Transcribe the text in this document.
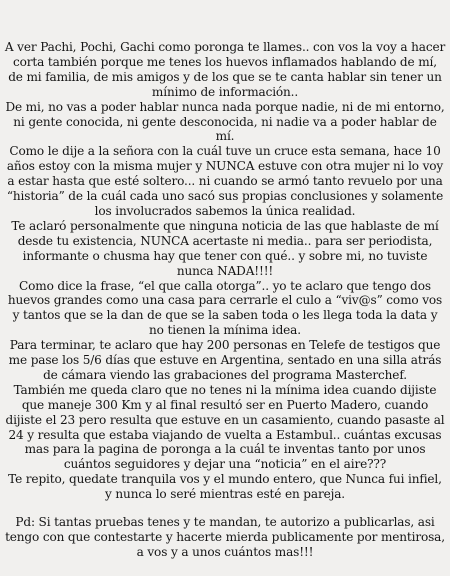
A ver Pachi, Pochi, Gachi como poronga te llames.. con vos la voy a hacer corta también porque me tenes los huevos inflamados hablando de mí, de mi familia, de mis amigos y de los que se te canta hablar sin tener un mínimo de información..

De mi, no vas a poder hablar nunca nada porque nadie, ni de mi entorno, ni gente conocida, ni gente desconocida, ni nadie va a poder hablar de mí.

Como le dije a la señora con la cuál tuve un cruce esta semana, hace 10 años estoy con la misma mujer y NUNCA estuve con otra mujer ni lo voy a estar hasta que esté soltero... ni cuando se armó tanto revuelo por una “historia” de la cuál cada uno sacó sus propias conclusiones y solamente los involucrados sabemos la única realidad.

Te aclaró personalmente que ninguna noticia de las que hablaste de mí desde tu existencia, NUNCA acertaste ni media.. para ser periodista, informante o chusma hay que tener con qué.. y sobre mi, no tuviste nunca NADA!!!!

Como dice la frase, “el que calla otorga”.. yo te aclaro que tengo dos huevos grandes como una casa para cerrarle el culo a “viv@s” como vos y tantos que se la dan de que se la saben toda o les llega toda la data y no tienen la mínima idea.

Para terminar, te aclaro que hay 200 personas en Telefe de testigos que me pase los 5/6 días que estuve en Argentina, sentado en una silla atrás de cámara viendo las grabaciones del programa Masterchef.

También me queda claro que no tenes ni la mínima idea cuando dijiste que maneje 300 Km y al final resultó ser en Puerto Madero, cuando dijiste el 23 pero resulta que estuve en un casamiento, cuando pasaste al 24 y resulta que estaba viajando de vuelta a Estambul.. cuántas excusas mas para la pagina de poronga a la cuál te inventas tanto por unos cuántos seguidores y dejar una “noticia” en el aire???

Te repito, quedate tranquila vos y el mundo entero, que Nunca fui infiel, y nunca lo seré mientras esté en pareja.

Pd: Si tantas pruebas tenes y te mandan, te autorizo a publicarlas, asi tengo con que contestarte y hacerte mierda publicamente por mentirosa, a vos y a unos cuántos mas!!!
